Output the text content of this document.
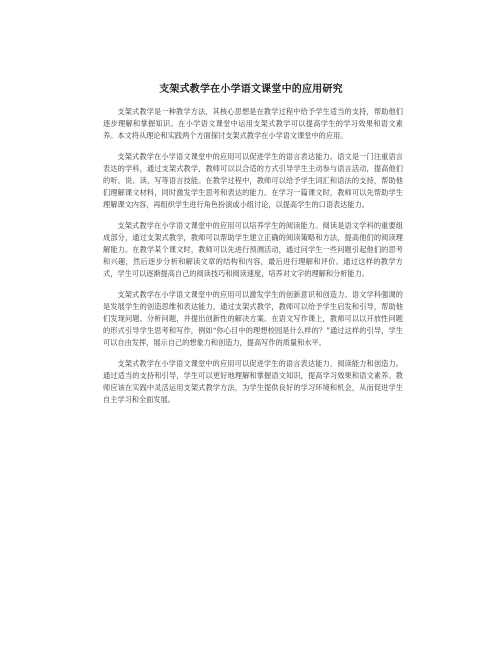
支架式教学在小学语文课堂中的应用研究

支架式教学是一种教学方法，其核心思想是在教学过程中给予学生适当的支持，帮助他们逐步理解和掌握知识。在小学语文课堂中运用支架式教学可以提高学生的学习效果和语文素养。本文将从理论和实践两个方面探讨支架式教学在小学语文课堂中的应用。

支架式教学在小学语文课堂中的应用可以促进学生的语言表达能力。语文是一门注重语言表达的学科，通过支架式教学，教师可以以合适的方式引导学生主动参与语言活动，提高他们的听、说、读、写等语言技能。在教学过程中，教师可以给予学生词汇和语法的支持，帮助他们理解课文材料，同时激发学生思考和表达的能力。在学习一篇课文时，教师可以先帮助学生理解课文内容，再组织学生进行角色扮演或小组讨论，以提高学生的口语表达能力。

支架式教学在小学语文课堂中的应用可以培养学生的阅读能力。阅读是语文学科的重要组成部分，通过支架式教学，教师可以帮助学生建立正确的阅读策略和方法，提高他们的阅读理解能力。在教学某个课文时，教师可以先进行预测活动，通过问学生一些问题引起他们的思考和兴趣，然后逐步分析和解读文章的结构和内容，最后进行理解和评价。通过这样的教学方式，学生可以逐渐提高自己的阅读技巧和阅读速度，培养对文字的理解和分析能力。

支架式教学在小学语文课堂中的应用可以激发学生的创新意识和创造力。语文学科强调的是发展学生的创造思维和表达能力，通过支架式教学，教师可以给予学生启发和引导，帮助他们发现问题、分析问题，并提出创新性的解决方案。在语文写作课上，教师可以以开放性问题的形式引导学生思考和写作，例如“你心目中的理想校园是什么样的？”通过这样的引导，学生可以自由发挥，展示自己的想象力和创造力，提高写作的质量和水平。

支架式教学在小学语文课堂中的应用可以促进学生的语言表达能力、阅读能力和创造力。通过适当的支持和引导，学生可以更好地理解和掌握语文知识，提高学习效果和语文素养。教师应该在实践中灵活运用支架式教学方法，为学生提供良好的学习环境和机会，从而促进学生自主学习和全面发展。
